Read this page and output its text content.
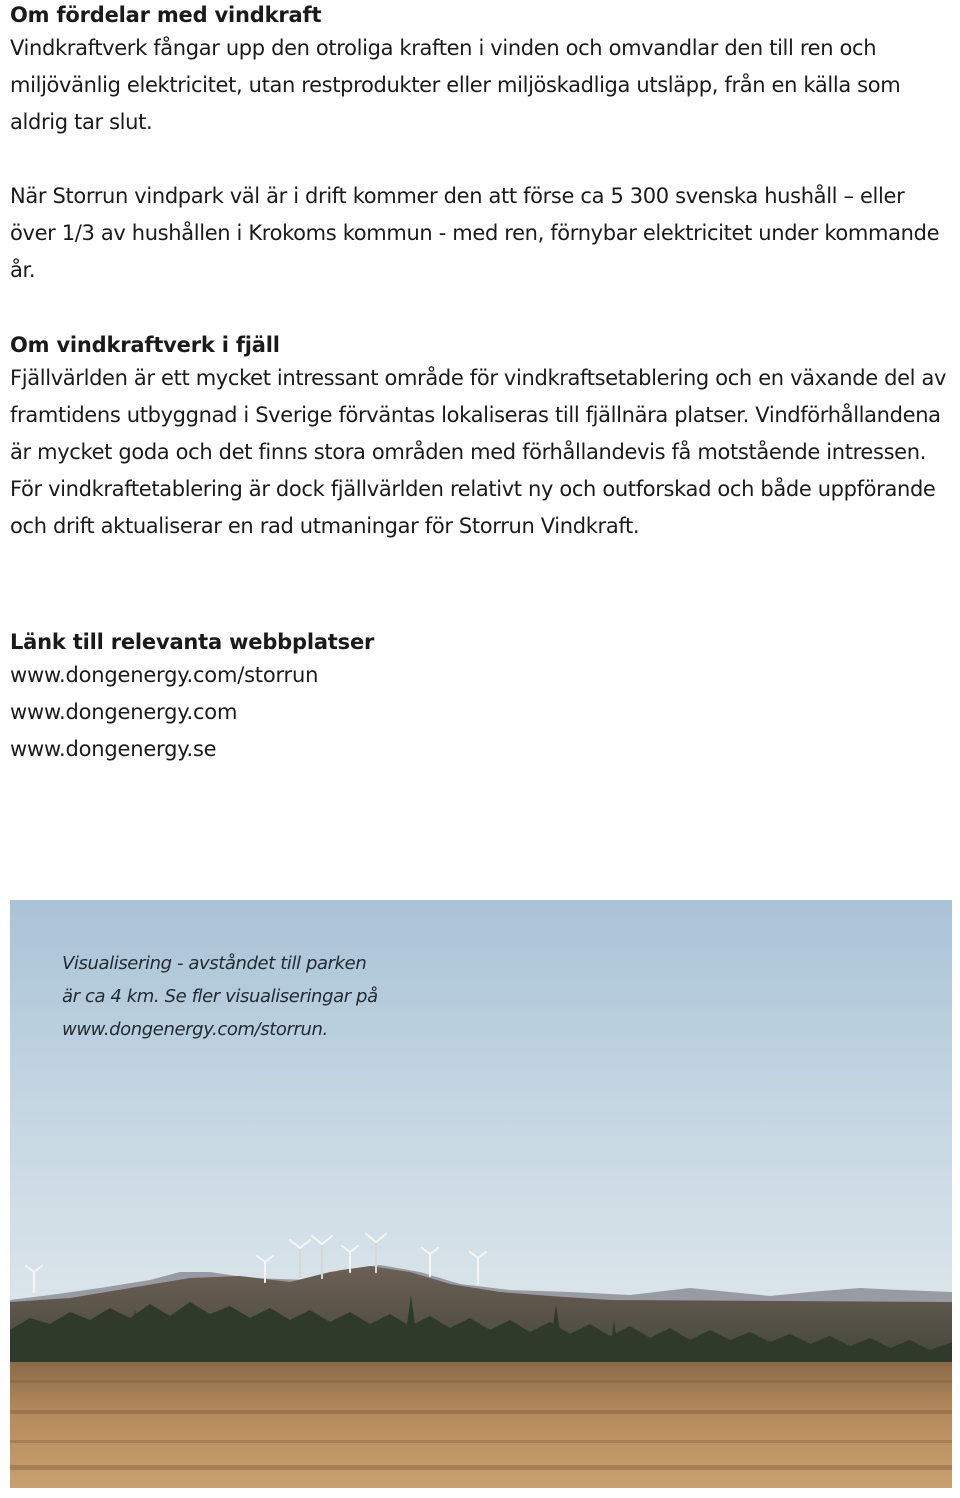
Om fördelar med vindkraft

Vindkraftverk fångar upp den otroliga kraften i vinden och omvandlar den till ren och miljövänlig elektricitet, utan restprodukter eller miljöskadliga utsläpp, från en källa som aldrig tar slut.

När Storrun vindpark väl är i drift kommer den att förse ca 5 300 svenska hushåll – eller över 1/3 av hushållen i Krokoms kommun - med ren, förnybar elektricitet under kommande år.

Om vindkraftverk i fjäll

Fjällvärlden är ett mycket intressant område för vindkraftsetablering och en växande del av framtidens utbyggnad i Sverige förväntas lokaliseras till fjällnära platser. Vindförhållandena är mycket goda och det finns stora områden med förhållandevis få motstående intressen. För vindkraftetablering är dock fjällvärlden relativt ny och outforskad och både uppförande och drift aktualiserar en rad utmaningar för Storrun Vindkraft.

Länk till relevanta webbplatser
www.dongenergy.com/storrun
www.dongenergy.com
www.dongenergy.se
Visualisering - avståndet till parken
är ca 4 km. Se fler visualiseringar på
www.dongenergy.com/storrun.
